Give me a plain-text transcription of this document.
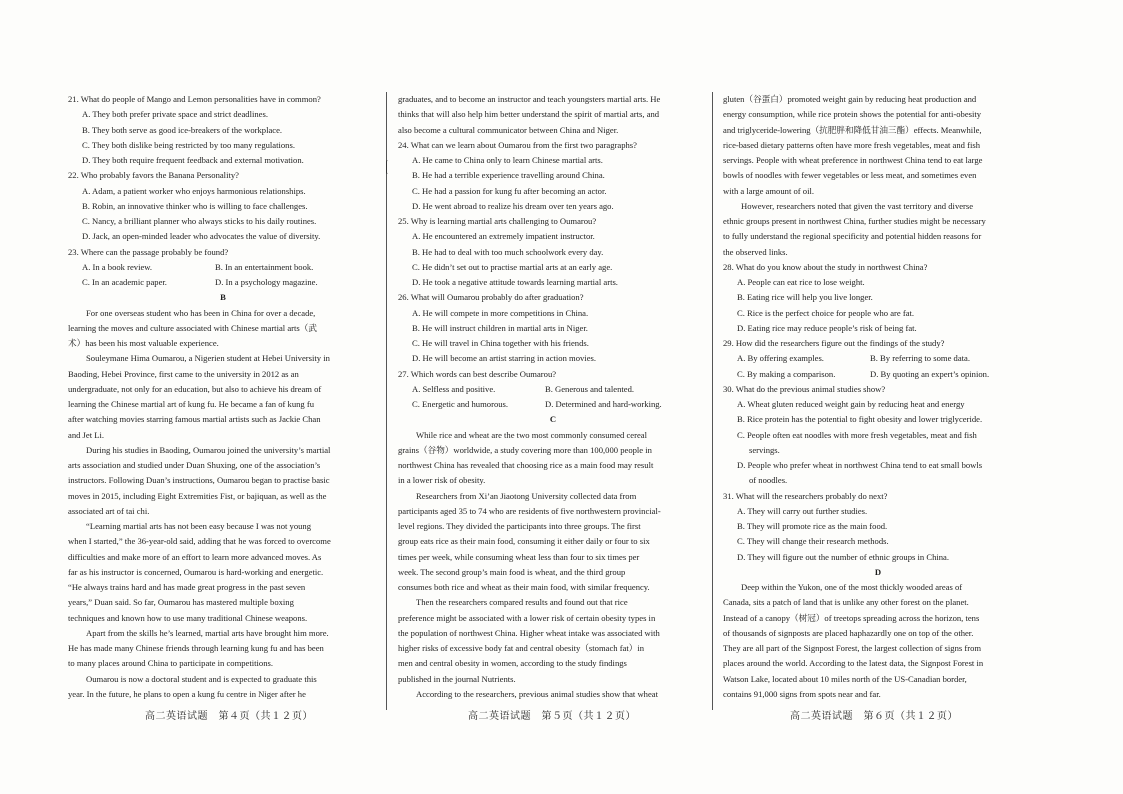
21. What do people of Mango and Lemon personalities have in common?
A. They both prefer private space and strict deadlines.
B. They both serve as good ice-breakers of the workplace.
C. They both dislike being restricted by too many regulations.
D. They both require frequent feedback and external motivation.
22. Who probably favors the Banana Personality?
A. Adam, a patient worker who enjoys harmonious relationships.
B. Robin, an innovative thinker who is willing to face challenges.
C. Nancy, a brilliant planner who always sticks to his daily routines.
D. Jack, an open-minded leader who advocates the value of diversity.
23. Where can the passage probably be found?
A. In a book review.	B. In an entertainment book.
C. In an academic paper.	D. In a psychology magazine.
B
For one overseas student who has been in China for over a decade,
learning the moves and culture associated with Chinese martial arts（武
术）has been his most valuable experience.
Souleymane Hima Oumarou, a Nigerien student at Hebei University in
Baoding, Hebei Province, first came to the university in 2012 as an
undergraduate, not only for an education, but also to achieve his dream of
learning the Chinese martial art of kung fu. He became a fan of kung fu
after watching movies starring famous martial artists such as Jackie Chan
and Jet Li.
During his studies in Baoding, Oumarou joined the university’s martial
arts association and studied under Duan Shuxing, one of the association’s
instructors. Following Duan’s instructions, Oumarou began to practise basic
moves in 2015, including Eight Extremities Fist, or bajiquan, as well as the
associated art of tai chi.
“Learning martial arts has not been easy because I was not young
when I started,” the 36-year-old said, adding that he was forced to overcome
difficulties and make more of an effort to learn more advanced moves. As
far as his instructor is concerned, Oumarou is hard-working and energetic.
“He always trains hard and has made great progress in the past seven
years,” Duan said. So far, Oumarou has mastered multiple boxing
techniques and known how to use many traditional Chinese weapons.
Apart from the skills he’s learned, martial arts have brought him more.
He has made many Chinese friends through learning kung fu and has been
to many places around China to participate in competitions.
Oumarou is now a doctoral student and is expected to graduate this
year. In the future, he plans to open a kung fu centre in Niger after he
graduates, and to become an instructor and teach youngsters martial arts. He
thinks that will also help him better understand the spirit of martial arts, and
also become a cultural communicator between China and Niger.
24. What can we learn about Oumarou from the first two paragraphs?
A. He came to China only to learn Chinese martial arts.
B. He had a terrible experience travelling around China.
C. He had a passion for kung fu after becoming an actor.
D. He went abroad to realize his dream over ten years ago.
25. Why is learning martial arts challenging to Oumarou?
A. He encountered an extremely impatient instructor.
B. He had to deal with too much schoolwork every day.
C. He didn’t set out to practise martial arts at an early age.
D. He took a negative attitude towards learning martial arts.
26. What will Oumarou probably do after graduation?
A. He will compete in more competitions in China.
B. He will instruct children in martial arts in Niger.
C. He will travel in China together with his friends.
D. He will become an artist starring in action movies.
27. Which words can best describe Oumarou?
A. Selfless and positive.	B. Generous and talented.
C. Energetic and humorous.	D. Determined and hard-working.
C
While rice and wheat are the two most commonly consumed cereal
grains（谷物）worldwide, a study covering more than 100,000 people in
northwest China has revealed that choosing rice as a main food may result
in a lower risk of obesity.
Researchers from Xi’an Jiaotong University collected data from
participants aged 35 to 74 who are residents of five northwestern provincial-
level regions. They divided the participants into three groups. The first
group eats rice as their main food, consuming it either daily or four to six
times per week, while consuming wheat less than four to six times per
week. The second group’s main food is wheat, and the third group
consumes both rice and wheat as their main food, with similar frequency.
Then the researchers compared results and found out that rice
preference might be associated with a lower risk of certain obesity types in
the population of northwest China. Higher wheat intake was associated with
higher risks of excessive body fat and central obesity（stomach fat）in
men and central obesity in women, according to the study findings
published in the journal Nutrients.
According to the researchers, previous animal studies show that wheat
gluten（谷蛋白）promoted weight gain by reducing heat production and
energy consumption, while rice protein shows the potential for anti-obesity
and triglyceride-lowering（抗肥胖和降低甘油三酯）effects. Meanwhile,
rice-based dietary patterns often have more fresh vegetables, meat and fish
servings. People with wheat preference in northwest China tend to eat large
bowls of noodles with fewer vegetables or less meat, and sometimes even
with a large amount of oil.
However, researchers noted that given the vast territory and diverse
ethnic groups present in northwest China, further studies might be necessary
to fully understand the regional specificity and potential hidden reasons for
the observed links.
28. What do you know about the study in northwest China?
A. People can eat rice to lose weight.
B. Eating rice will help you live longer.
C. Rice is the perfect choice for people who are fat.
D. Eating rice may reduce people’s risk of being fat.
29. How did the researchers figure out the findings of the study?
A. By offering examples.	B. By referring to some data.
C. By making a comparison.	D. By quoting an expert’s opinion.
30. What do the previous animal studies show?
A. Wheat gluten reduced weight gain by reducing heat and energy
B. Rice protein has the potential to fight obesity and lower triglyceride.
C. People often eat noodles with more fresh vegetables, meat and fish
servings.
D. People who prefer wheat in northwest China tend to eat small bowls
of noodles.
31. What will the researchers probably do next?
A. They will carry out further studies.
B. They will promote rice as the main food.
C. They will change their research methods.
D. They will figure out the number of ethnic groups in China.
D
Deep within the Yukon, one of the most thickly wooded areas of
Canada, sits a patch of land that is unlike any other forest on the planet.
Instead of a canopy（树冠）of treetops spreading across the horizon, tens
of thousands of signposts are placed haphazardly one on top of the other.
They are all part of the Signpost Forest, the largest collection of signs from
places around the world. According to the latest data, the Signpost Forest in
Watson Lake, located about 10 miles north of the US-Canadian border,
contains 91,000 signs from spots near and far.
高二英语试题　第４页（共１２页）	高二英语试题　第５页（共１２页）	高二英语试题　第６页（共１２页）
